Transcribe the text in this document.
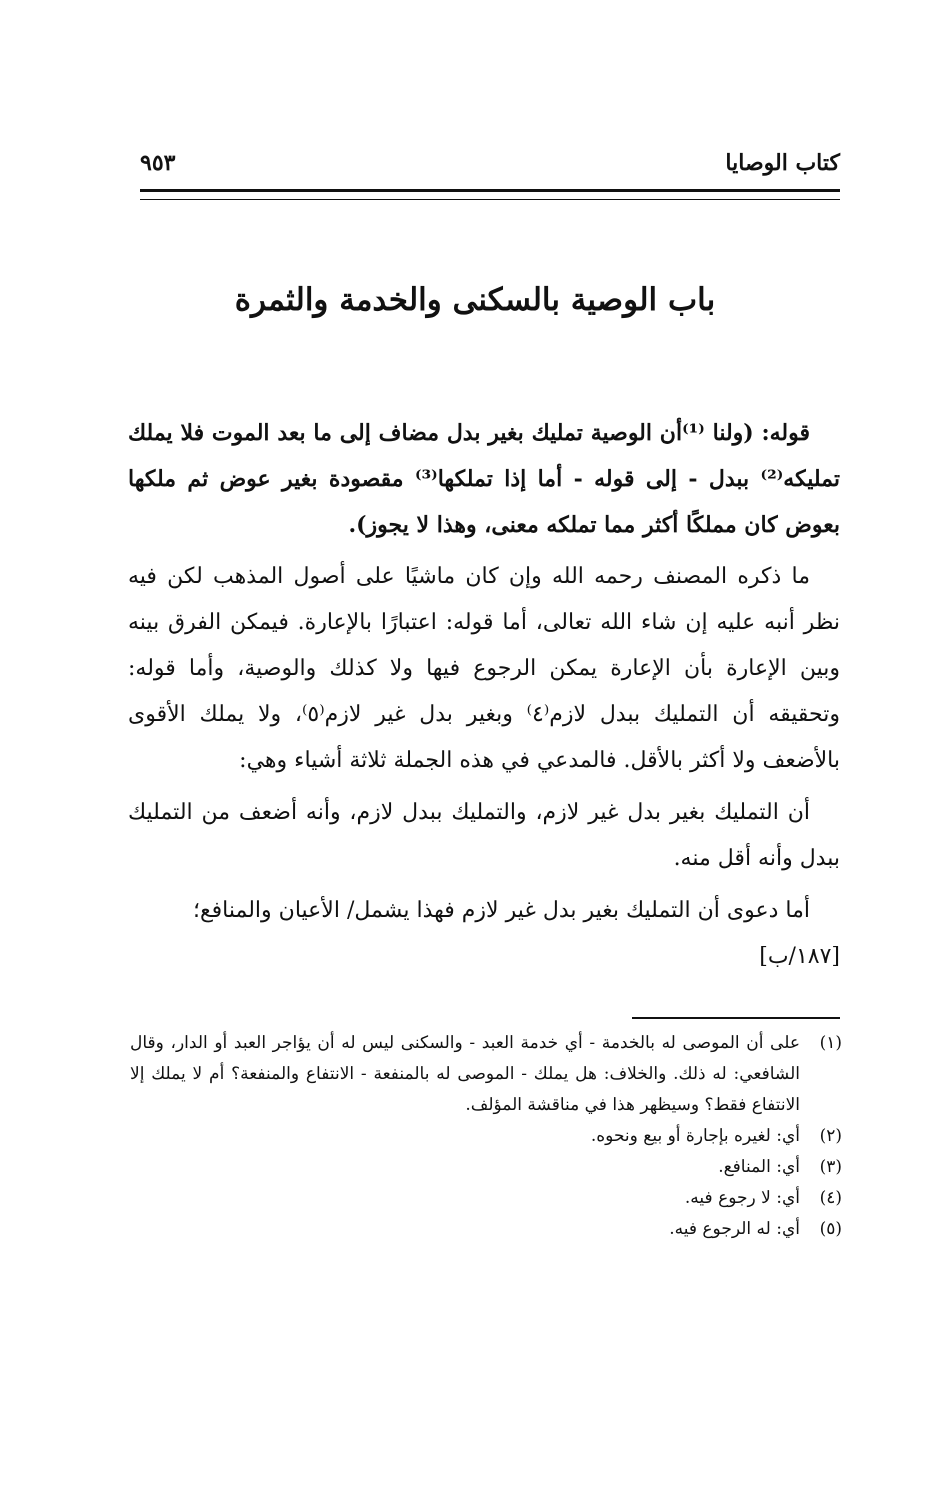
كتاب الوصايا
٩٥٣
باب الوصية بالسكنى والخدمة والثمرة

قوله: (ولنا ⁽¹⁾أن الوصية تمليك بغير بدل مضاف إلى ما بعد الموت فلا يملك تمليكه⁽²⁾ ببدل - إلى قوله - أما إذا تملكها⁽³⁾ مقصودة بغير عوض ثم ملكها بعوض كان مملكًا أكثر مما تملكه معنى، وهذا لا يجوز).

ما ذكره المصنف رحمه الله وإن كان ماشيًا على أصول المذهب لكن فيه نظر أنبه عليه إن شاء الله تعالى، أما قوله: اعتبارًا بالإعارة. فيمكن الفرق بينه وبين الإعارة بأن الإعارة يمكن الرجوع فيها ولا كذلك والوصية، وأما قوله: وتحقيقه أن التمليك ببدل لازم⁽٤⁾ وبغير بدل غير لازم⁽٥⁾، ولا يملك الأقوى بالأضعف ولا أكثر بالأقل. فالمدعي في هذه الجملة ثلاثة أشياء وهي:

أن التمليك بغير بدل غير لازم، والتمليك ببدل لازم، وأنه أضعف من التمليك ببدل وأنه أقل منه.

أما دعوى أن التمليك بغير بدل غير لازم فهذا يشمل/ الأعيان والمنافع؛ [١٨٧/ب]

(١)
على أن الموصى له بالخدمة - أي خدمة العبد - والسكنى ليس له أن يؤاجر العبد أو الدار، وقال الشافعي: له ذلك. والخلاف: هل يملك - الموصى له بالمنفعة - الانتفاع والمنفعة؟ أم لا يملك إلا الانتفاع فقط؟ وسيظهر هذا في مناقشة المؤلف.
(٢)
أي: لغيره بإجارة أو بيع ونحوه.
(٣)
أي: المنافع.
(٤)
أي: لا رجوع فيه.
(٥)
أي: له الرجوع فيه.
